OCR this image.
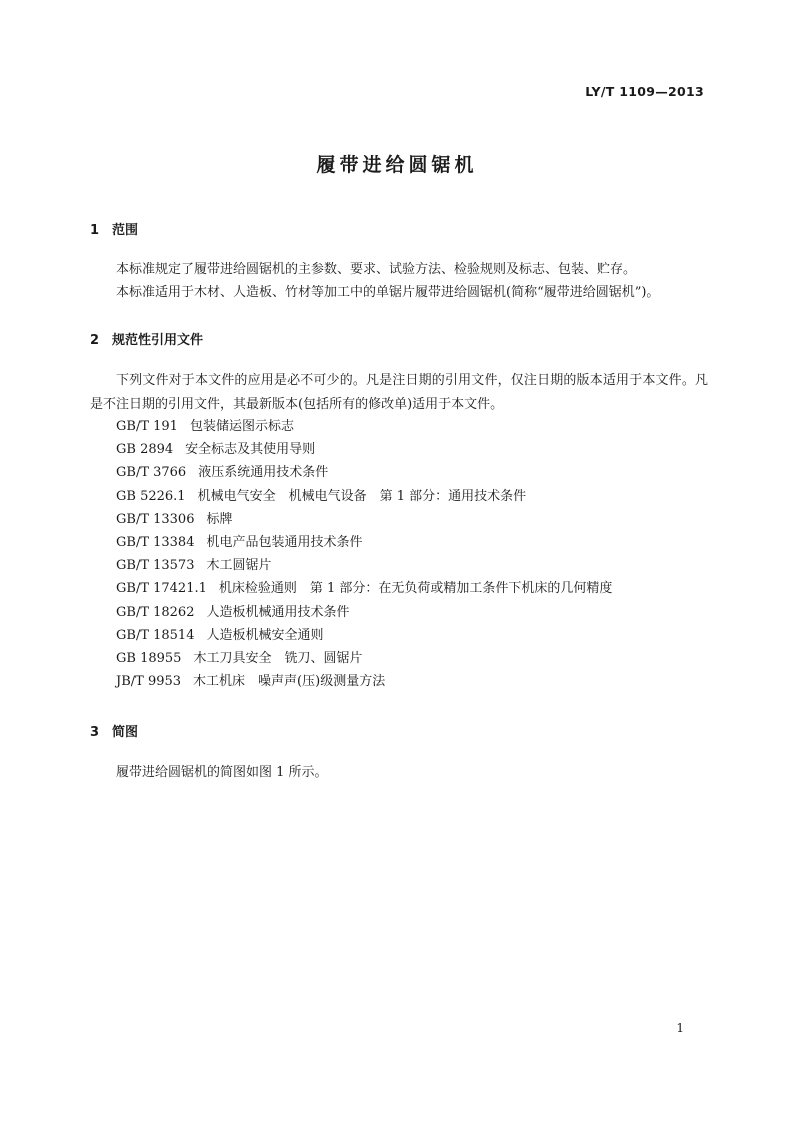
LY/T 1109—2013
履带进给圆锯机
1 范围

本标准规定了履带进给圆锯机的主参数、要求、试验方法、检验规则及标志、包装、贮存。

本标准适用于木材、人造板、竹材等加工中的单锯片履带进给圆锯机(简称“履带进给圆锯机”)。

2 规范性引用文件

下列文件对于本文件的应用是必不可少的。凡是注日期的引用文件，仅注日期的版本适用于本文件。凡是不注日期的引用文件，其最新版本(包括所有的修改单)适用于本文件。

GB/T 191 包装储运图示标志
GB 2894 安全标志及其使用导则
GB/T 3766 液压系统通用技术条件
GB 5226.1 机械电气安全　机械电气设备　第 1 部分：通用技术条件
GB/T 13306 标牌
GB/T 13384 机电产品包装通用技术条件
GB/T 13573 木工圆锯片
GB/T 17421.1 机床检验通则　第 1 部分：在无负荷或精加工条件下机床的几何精度
GB/T 18262 人造板机械通用技术条件
GB/T 18514 人造板机械安全通则
GB 18955 木工刀具安全　铣刀、圆锯片
JB/T 9953 木工机床　噪声声(压)级测量方法
3 简图

履带进给圆锯机的简图如图 1 所示。

1
